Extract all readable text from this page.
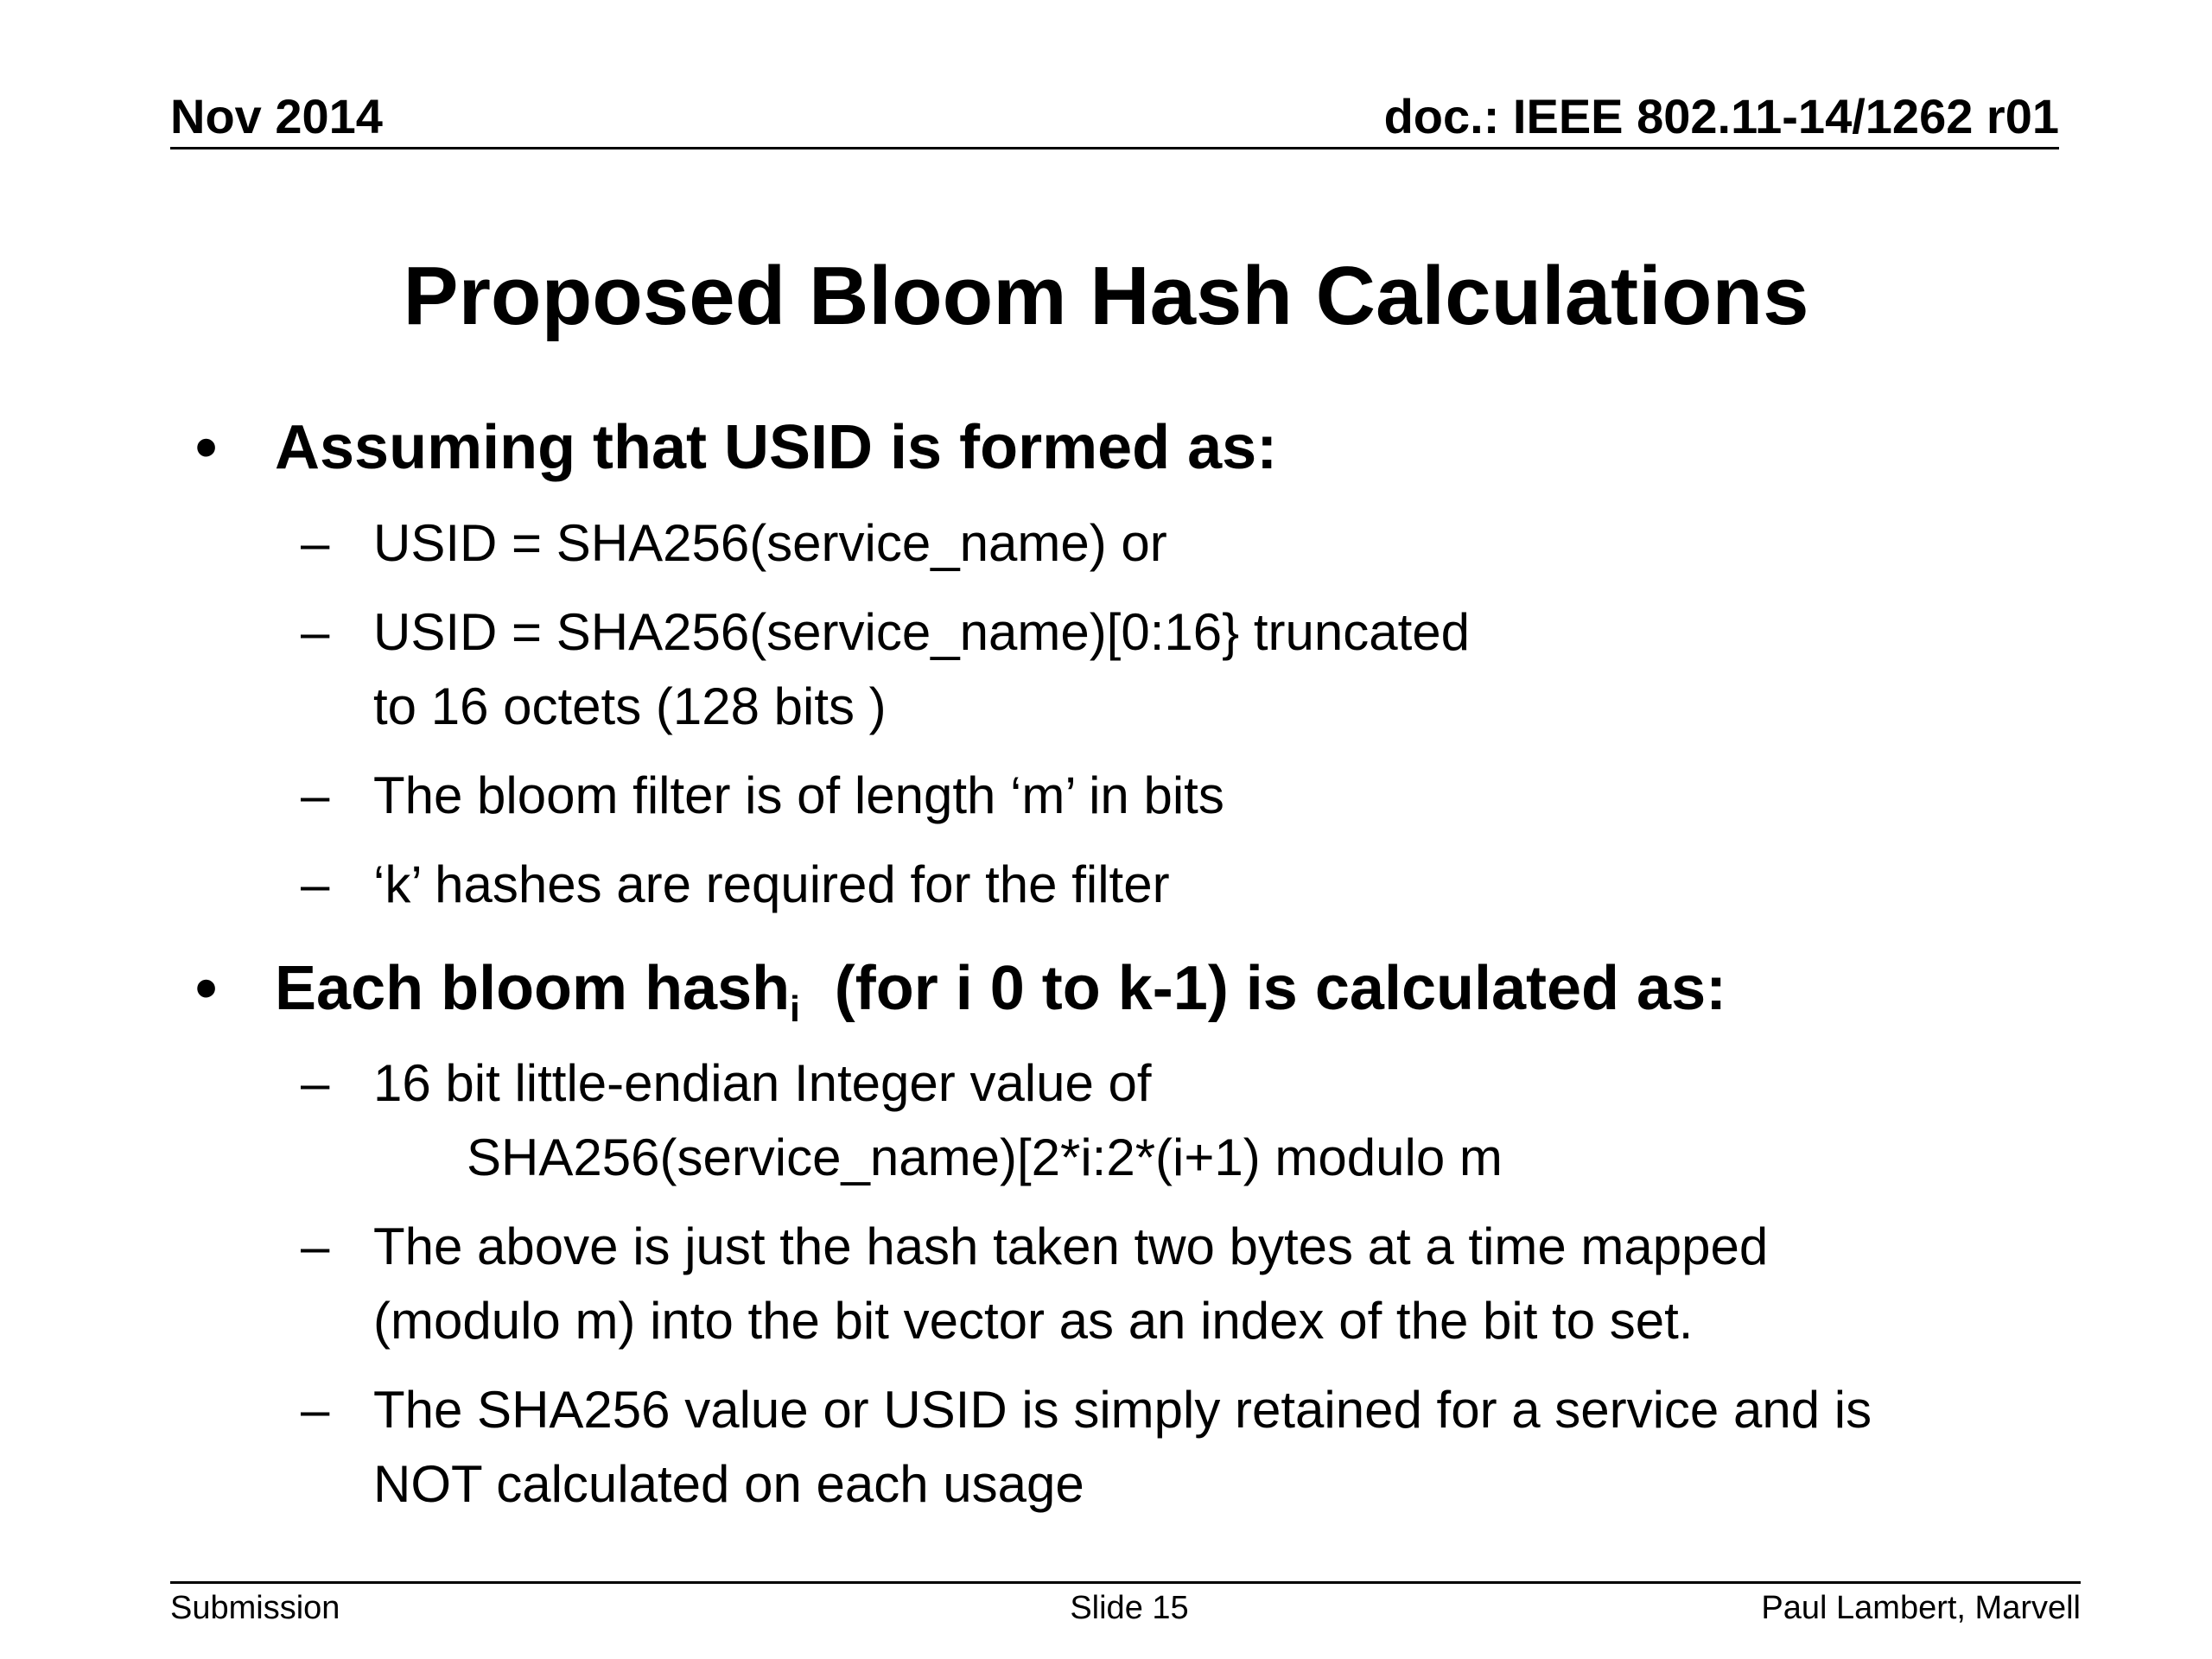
Nov 2014	doc.: IEEE 802.11-14/1262 r01
Proposed Bloom Hash Calculations
• Assuming that USID is formed as:
– USID = SHA256(service_name) or
– USID = SHA256(service_name)[0:16} truncated
to 16 octets (128 bits )
– The bloom filter is of length ‘m’ in bits
– ‘k’ hashes are required for the filter
• Each bloom hash$_i$  (for i 0 to k-1) is calculated as:
– 16 bit little-endian Integer value of
SHA256(service_name)[2*i:2*(i+1) modulo m
– The above is just the hash taken two bytes at a time mapped
(modulo m) into the bit vector as an index of the bit to set.
– The SHA256 value or USID is simply retained for a service and is
NOT calculated on each usage
Submission	Slide 15	Paul Lambert, Marvell
